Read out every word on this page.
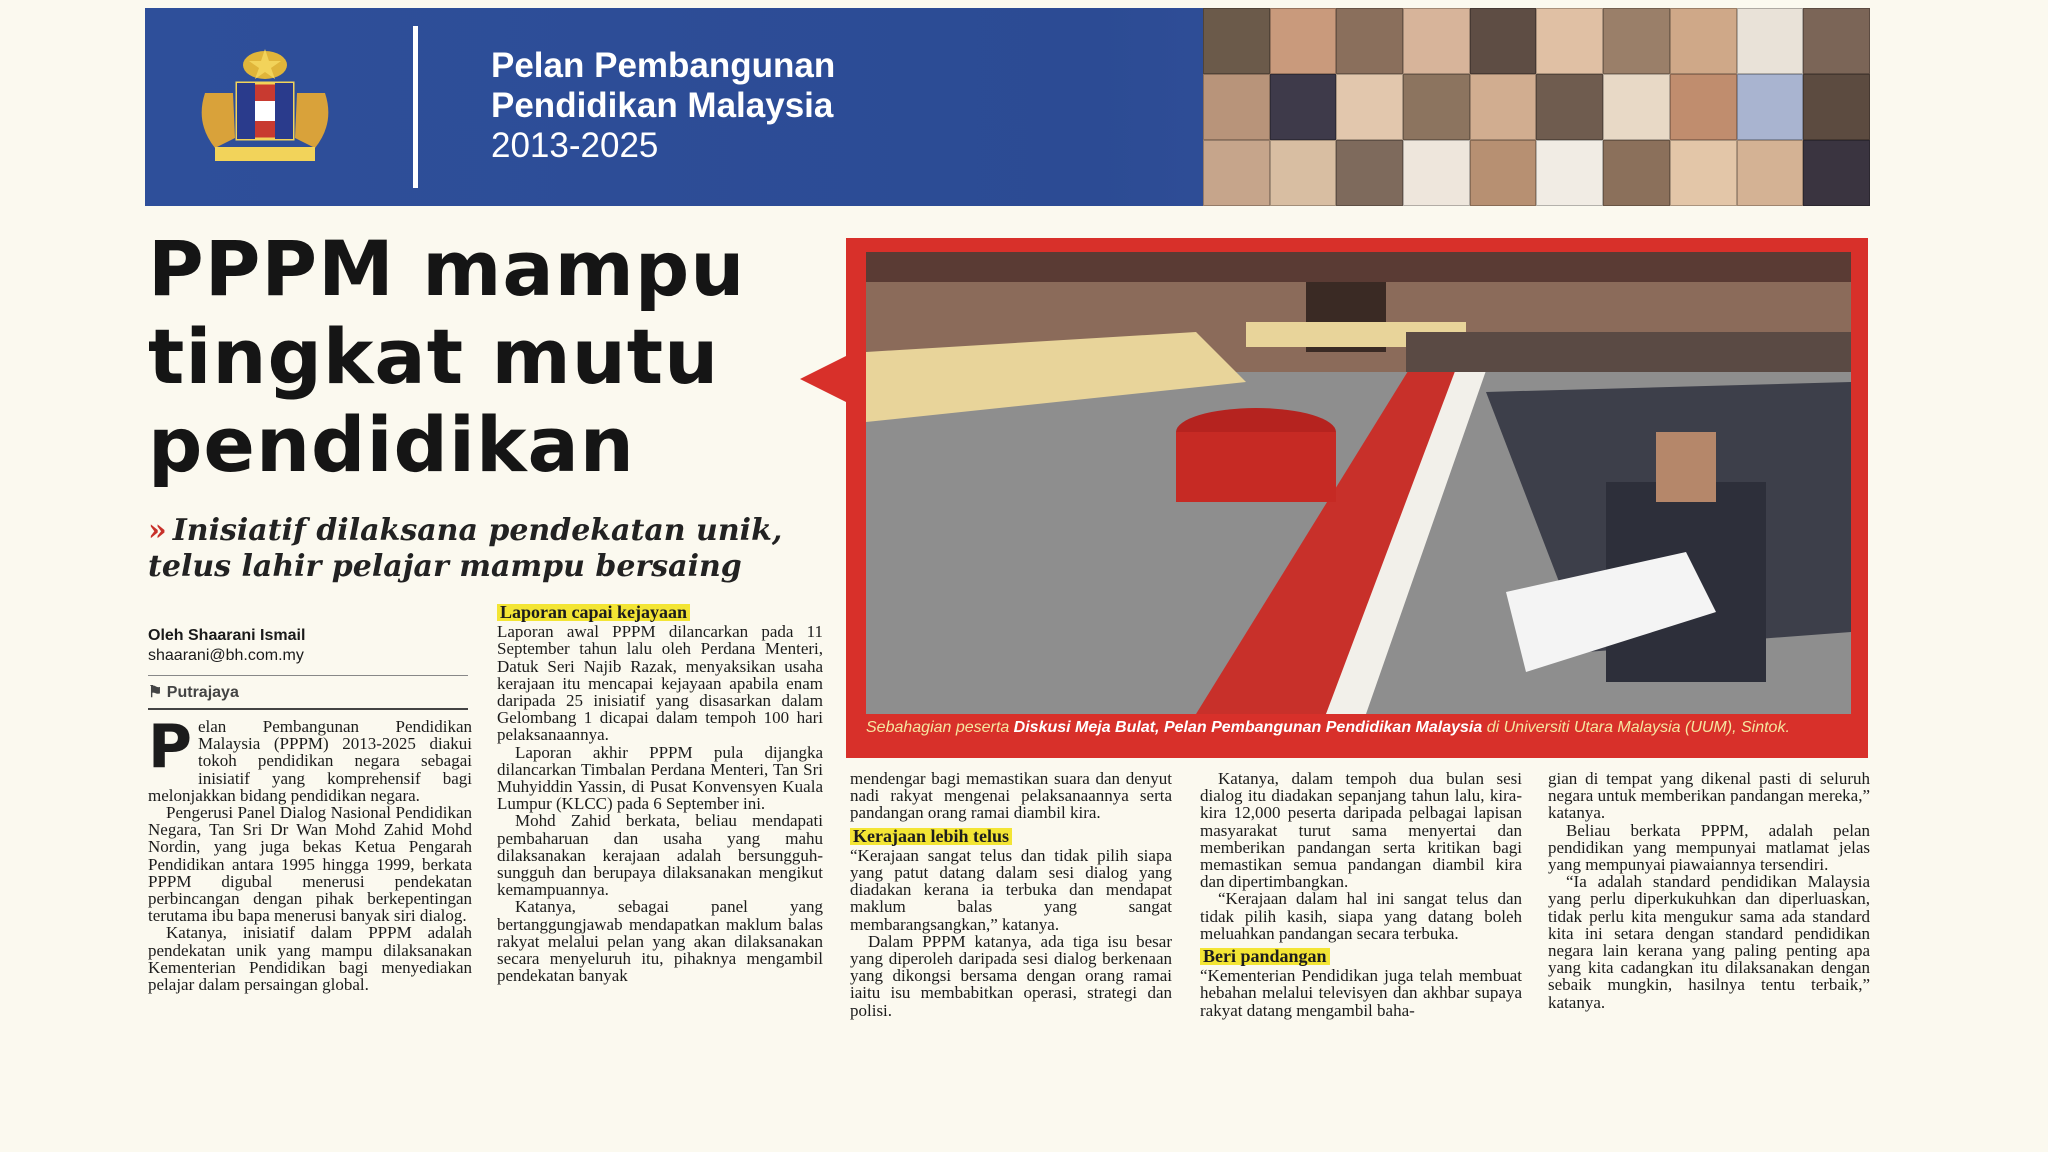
Pelan Pembangunan
Pendidikan Malaysia
2013-2025
PPPM mampu
tingkat mutu
pendidikan
» Inisiatif dilaksana pendekatan unik,
telus lahir pelajar mampu bersaing
Oleh Shaarani Ismail
shaarani@bh.com.my
⚑ Putrajaya

Pelan Pembangunan Pendidikan Malaysia (PPPM) 2013-2025 diakui tokoh pendidikan negara sebagai inisiatif yang komprehensif bagi melonjakkan bidang pendidikan negara.

Pengerusi Panel Dialog Nasional Pendidikan Negara, Tan Sri Dr Wan Mohd Zahid Mohd Nordin, yang juga bekas Ketua Pengarah Pendidikan antara 1995 hingga 1999, berkata PPPM digubal menerusi pendekatan perbincangan dengan pihak berkepentingan terutama ibu bapa menerusi banyak siri dialog.

Katanya, inisiatif dalam PPPM adalah pendekatan unik yang mampu dilaksanakan Kementerian Pendidikan bagi menyediakan pelajar dalam persaingan global.

Laporan capai kejayaan

Laporan awal PPPM dilancarkan pada 11 September tahun lalu oleh Perdana Menteri, Datuk Seri Najib Razak, menyaksikan usaha kerajaan itu mencapai kejayaan apabila enam daripada 25 inisiatif yang disasarkan dalam Gelombang 1 dicapai dalam tempoh 100 hari pelaksanaannya.

Laporan akhir PPPM pula dijangka dilancarkan Timbalan Perdana Menteri, Tan Sri Muhyiddin Yassin, di Pusat Konvensyen Kuala Lumpur (KLCC) pada 6 September ini.

Mohd Zahid berkata, beliau mendapati pembaharuan dan usaha yang mahu dilaksanakan kerajaan adalah bersungguh-sungguh dan berupaya dilaksanakan mengikut kemampuannya.

Katanya, sebagai panel yang bertanggungjawab mendapatkan maklum balas rakyat melalui pelan yang akan dilaksanakan secara menyeluruh itu, pihaknya mengambil pendekatan banyak

Sebahagian peserta Diskusi Meja Bulat, Pelan Pembangunan Pendidikan Malaysia di Universiti Utara Malaysia (UUM), Sintok.

mendengar bagi memastikan suara dan denyut nadi rakyat mengenai pelaksanaannya serta pandangan orang ramai diambil kira.

Kerajaan lebih telus

“Kerajaan sangat telus dan tidak pilih siapa yang patut datang dalam sesi dialog yang diadakan kerana ia terbuka dan mendapat maklum balas yang sangat membarangsangkan,” katanya.

Dalam PPPM katanya, ada tiga isu besar yang diperoleh daripada sesi dialog berkenaan yang dikongsi bersama dengan orang ramai iaitu isu membabitkan operasi, strategi dan polisi.

Katanya, dalam tempoh dua bulan sesi dialog itu diadakan sepanjang tahun lalu, kira-kira 12,000 peserta daripada pelbagai lapisan masyarakat turut sama menyertai dan memberikan pandangan serta kritikan bagi memastikan semua pandangan diambil kira dan dipertimbangkan.

“Kerajaan dalam hal ini sangat telus dan tidak pilih kasih, siapa yang datang boleh meluahkan pandangan secara terbuka.

Beri pandangan

“Kementerian Pendidikan juga telah membuat hebahan melalui televisyen dan akhbar supaya rakyat datang mengambil baha-

gian di tempat yang dikenal pasti di seluruh negara untuk memberikan pandangan mereka,” katanya.

Beliau berkata PPPM, adalah pelan pendidikan yang mempunyai matlamat jelas yang mempunyai piawaiannya tersendiri.

“Ia adalah standard pendidikan Malaysia yang perlu diperkukuhkan dan diperluaskan, tidak perlu kita mengukur sama ada standard kita ini setara dengan standard pendidikan negara lain kerana yang paling penting apa yang kita cadangkan itu dilaksanakan dengan sebaik mungkin, hasilnya tentu terbaik,” katanya.
